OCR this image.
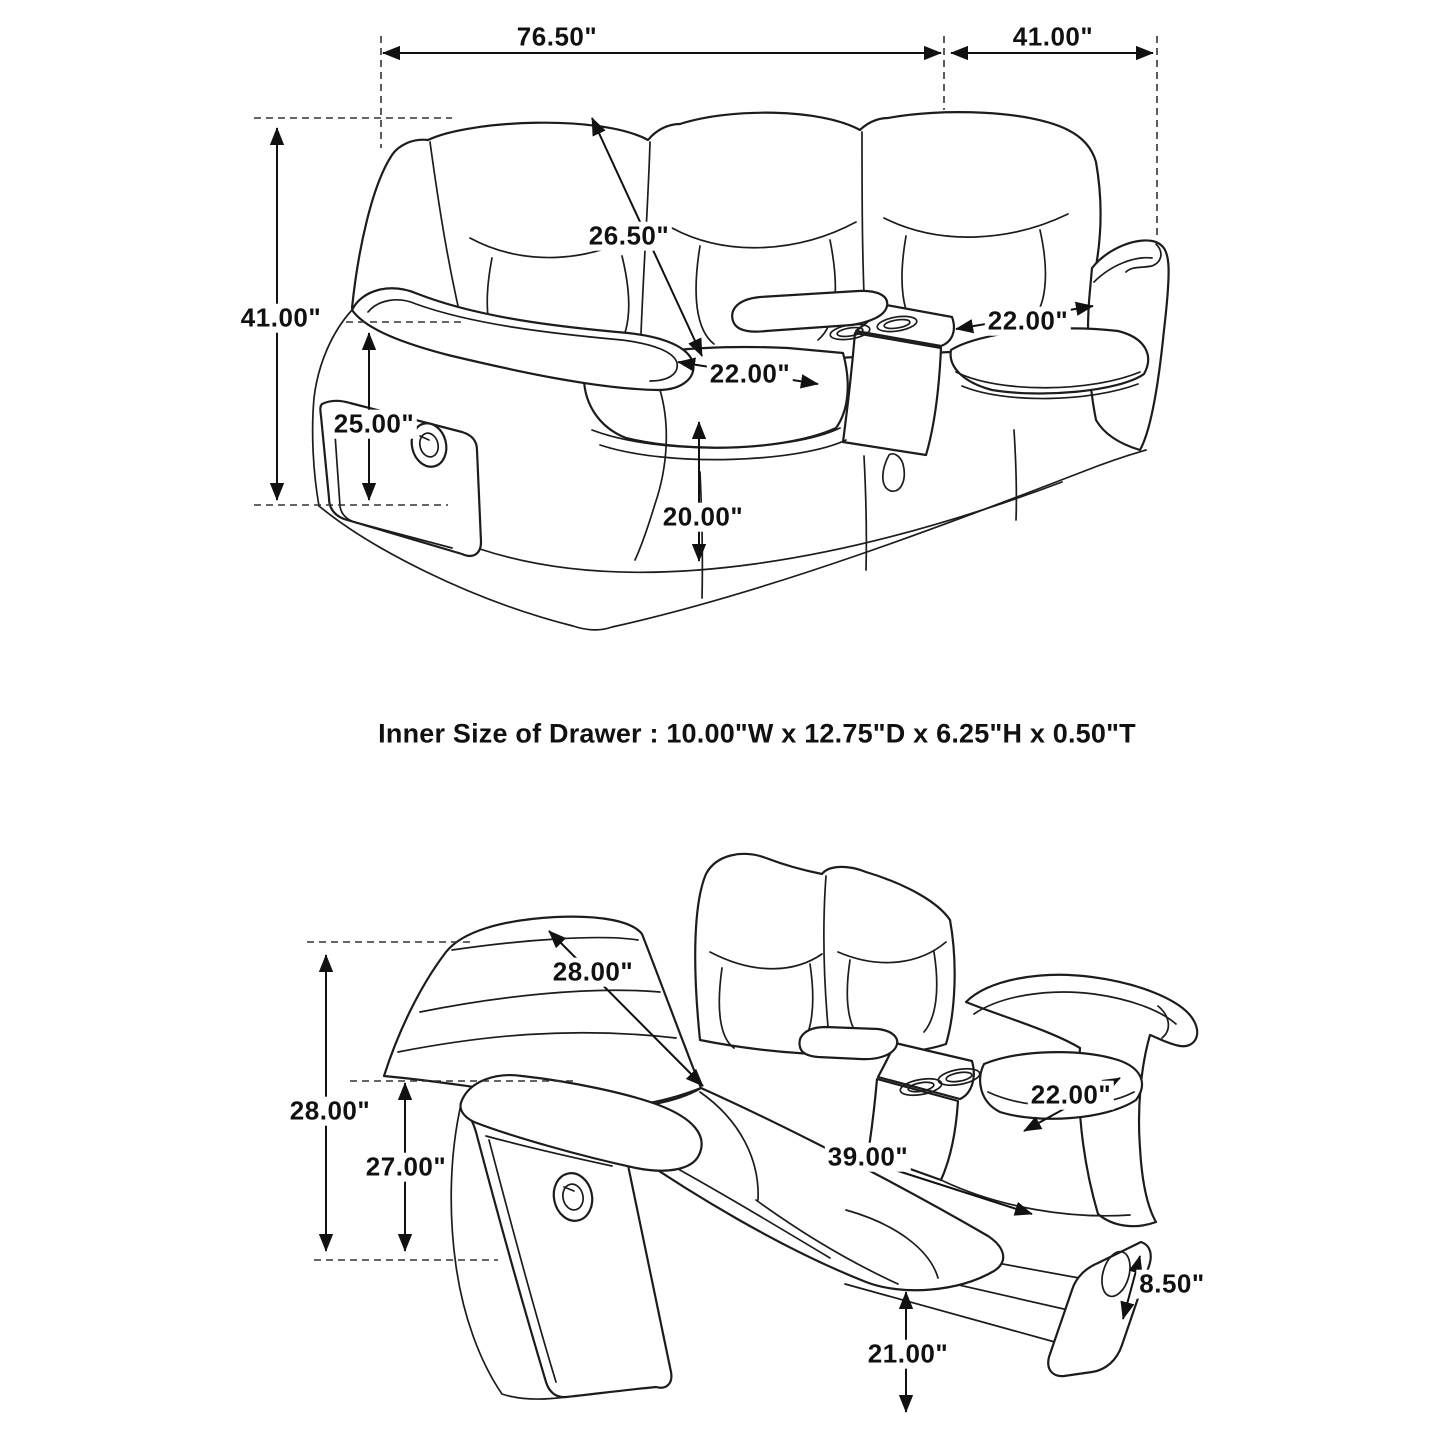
76.50"	41.00"
41.00"
25.00"
26.50"
22.00"
22.00"
20.00"
Inner Size of Drawer : 10.00"W x 12.75"D x 6.25"H x 0.50"T
28.00"
28.00"
27.00"
22.00"
39.00"
8.50"
21.00"
